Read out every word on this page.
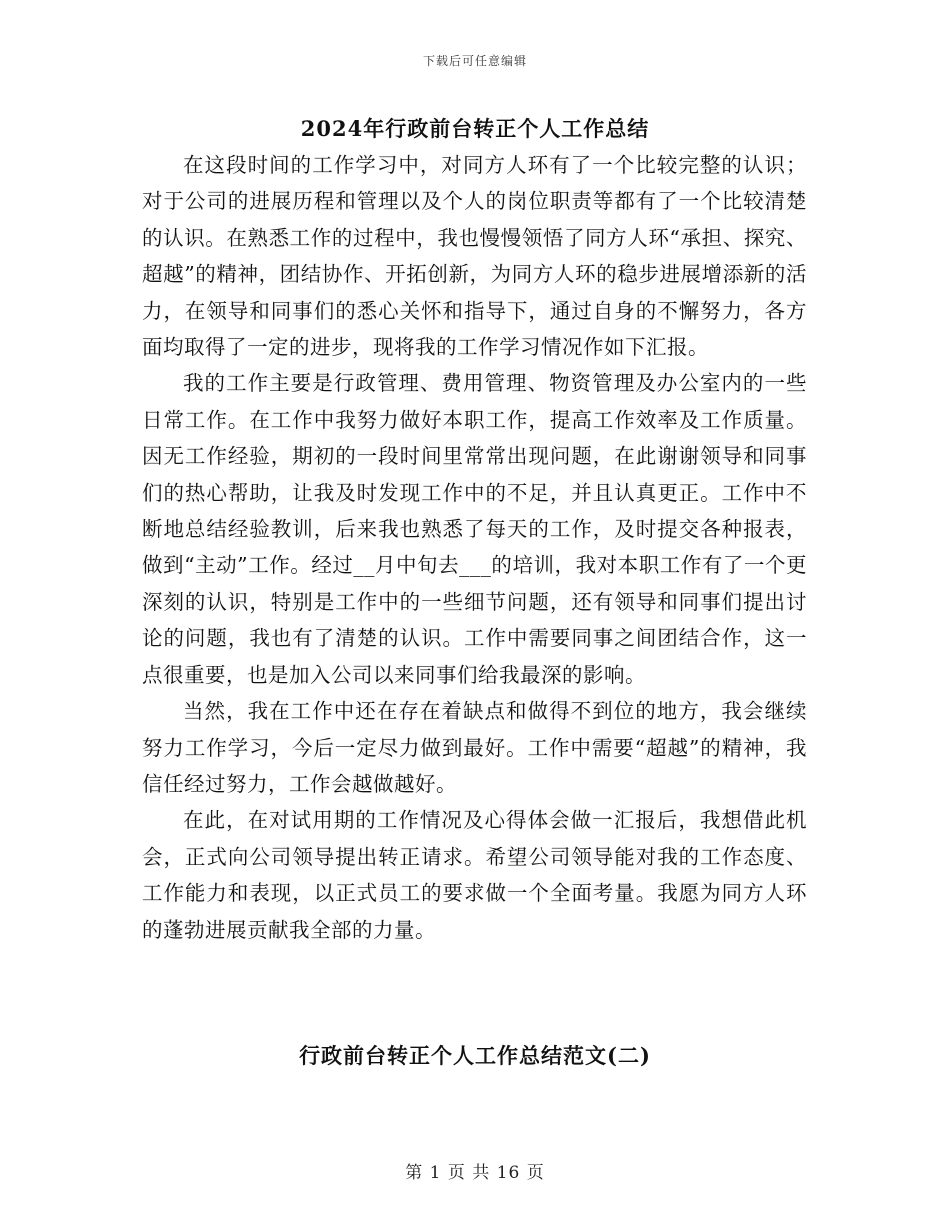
下载后可任意编辑
2024年行政前台转正个人工作总结

在这段时间的工作学习中，对同方人环有了一个比较完整的认识；对于公司的进展历程和管理以及个人的岗位职责等都有了一个比较清楚的认识。在熟悉工作的过程中，我也慢慢领悟了同方人环“承担、探究、超越”的精神，团结协作、开拓创新，为同方人环的稳步进展增添新的活力，在领导和同事们的悉心关怀和指导下，通过自身的不懈努力，各方面均取得了一定的进步，现将我的工作学习情况作如下汇报。

我的工作主要是行政管理、费用管理、物资管理及办公室内的一些日常工作。在工作中我努力做好本职工作，提高工作效率及工作质量。因无工作经验，期初的一段时间里常常出现问题，在此谢谢领导和同事们的热心帮助，让我及时发现工作中的不足，并且认真更正。工作中不断地总结经验教训，后来我也熟悉了每天的工作，及时提交各种报表，做到“主动”工作。经过__月中旬去___的培训，我对本职工作有了一个更深刻的认识，特别是工作中的一些细节问题，还有领导和同事们提出讨论的问题，我也有了清楚的认识。工作中需要同事之间团结合作，这一点很重要，也是加入公司以来同事们给我最深的影响。

当然，我在工作中还在存在着缺点和做得不到位的地方，我会继续努力工作学习，今后一定尽力做到最好。工作中需要“超越”的精神，我信任经过努力，工作会越做越好。

在此，在对试用期的工作情况及心得体会做一汇报后，我想借此机会，正式向公司领导提出转正请求。希望公司领导能对我的工作态度、工作能力和表现，以正式员工的要求做一个全面考量。我愿为同方人环的蓬勃进展贡献我全部的力量。

行政前台转正个人工作总结范文(二)
第 1 页 共 16 页
